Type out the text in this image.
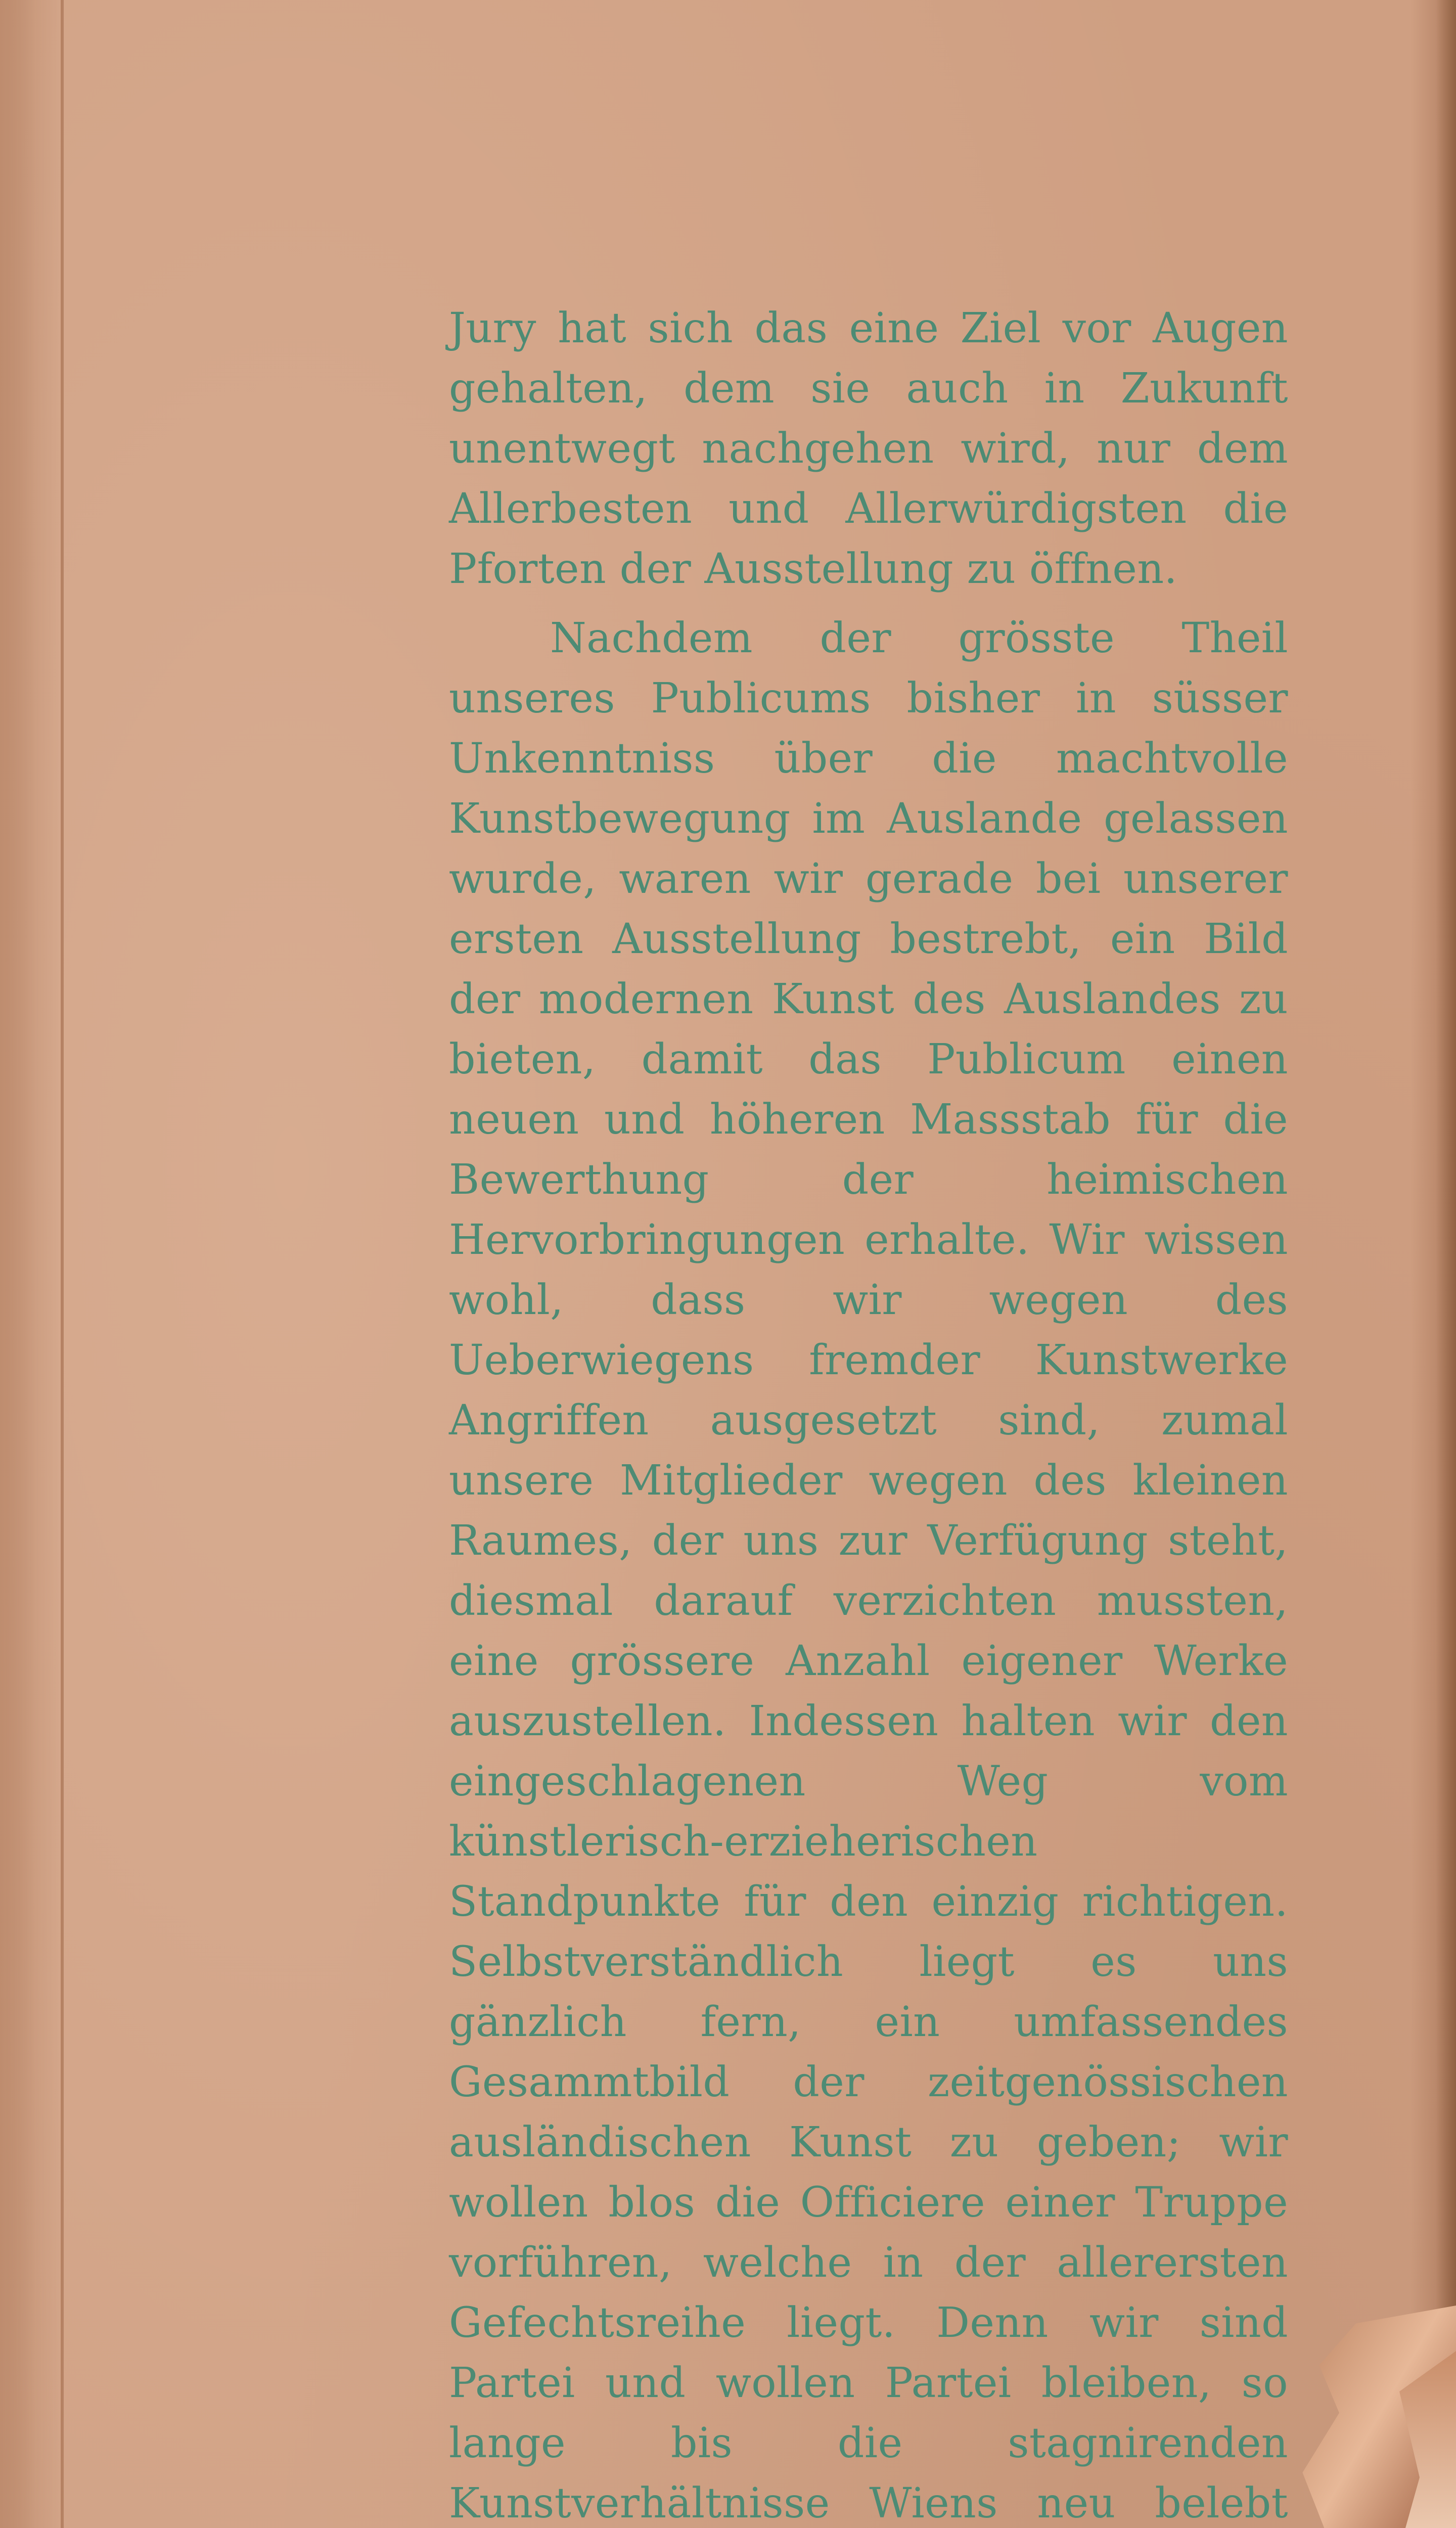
Jury hat sich das eine Ziel vor Augen gehalten, dem sie auch in Zukunft unentwegt nachgehen wird, nur dem Allerbesten und Allerwürdigsten die Pforten der Ausstellung zu öffnen.

Nachdem der grösste Theil unseres Publicums bisher in süsser Unkenntniss über die machtvolle Kunstbewegung im Auslande gelassen wurde, waren wir gerade bei unserer ersten Ausstellung bestrebt, ein Bild der modernen Kunst des Auslandes zu bieten, damit das Publicum einen neuen und höheren Massstab für die Bewerthung der heimischen Hervorbringungen erhalte. Wir wissen wohl, dass wir wegen des Ueberwiegens fremder Kunstwerke Angriffen ausgesetzt sind, zumal unsere Mitglieder wegen des kleinen Raumes, der uns zur Verfügung steht, diesmal darauf verzichten mussten, eine grössere Anzahl eigener Werke auszustellen. Indessen halten wir den eingeschlagenen Weg vom künstlerisch-erzieherischen Standpunkte für den einzig richtigen. Selbstverständlich liegt es uns gänzlich fern, ein umfassendes Gesammtbild der zeitgenössischen ausländischen Kunst zu geben; wir wollen blos die Officiere einer Truppe vorführen, welche in der allerersten Gefechtsreihe liegt. Denn wir sind Partei und wollen Partei bleiben, so lange bis die stagnirenden Kunstverhältnisse Wiens neu belebt
